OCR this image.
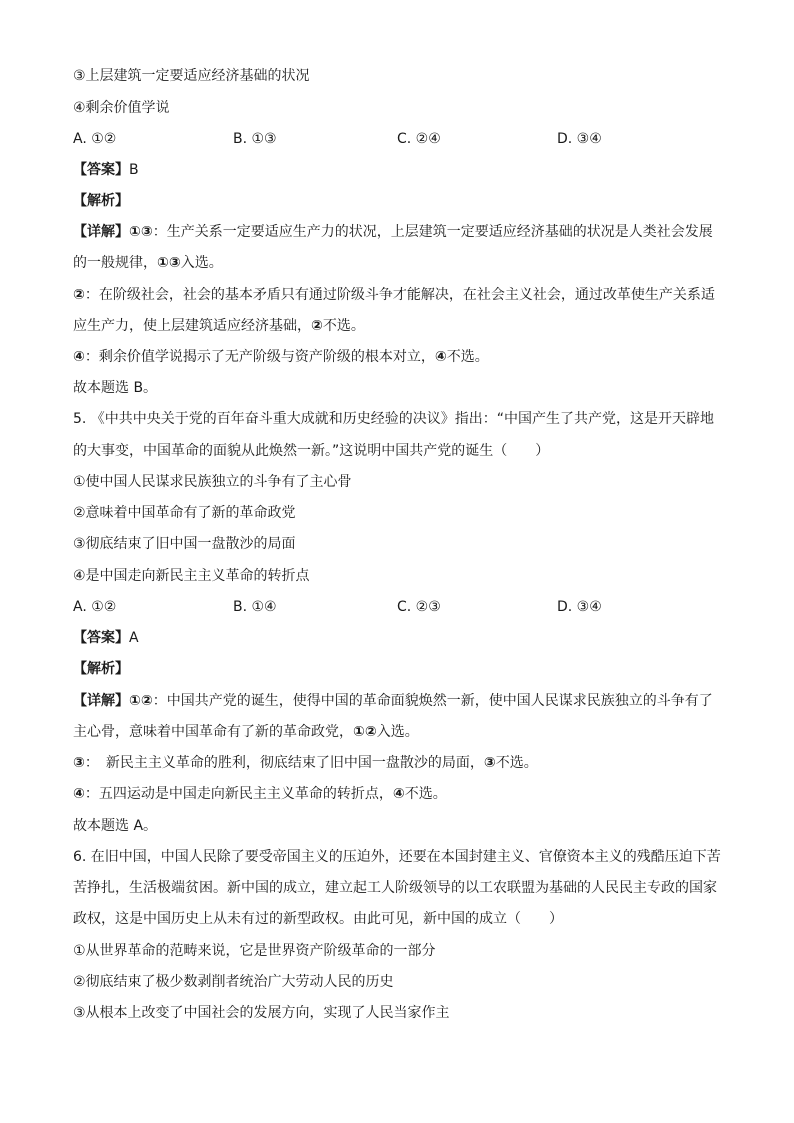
③上层建筑一定要适应经济基础的状况
④剩余价值学说
A. ①②	B. ①③	C. ②④	D. ③④
【答案】B
【解析】
【详解】①③：生产关系一定要适应生产力的状况，上层建筑一定要适应经济基础的状况是人类社会发展
的一般规律，①③入选。
②：在阶级社会，社会的基本矛盾只有通过阶级斗争才能解决，在社会主义社会，通过改革使生产关系适
应生产力，使上层建筑适应经济基础，②不选。
④：剩余价值学说揭示了无产阶级与资产阶级的根本对立，④不选。
故本题选 B。
5. 《中共中央关于党的百年奋斗重大成就和历史经验的决议》指出：“中国产生了共产党，这是开天辟地
的大事变，中国革命的面貌从此焕然一新。”这说明中国共产党的诞生（　　）
①使中国人民谋求民族独立的斗争有了主心骨
②意味着中国革命有了新的革命政党
③彻底结束了旧中国一盘散沙的局面
④是中国走向新民主主义革命的转折点
A. ①②	B. ①④	C. ②③	D. ③④
【答案】A
【解析】
【详解】①②：中国共产党的诞生，使得中国的革命面貌焕然一新，使中国人民谋求民族独立的斗争有了
主心骨，意味着中国革命有了新的革命政党，①②入选。
③：　新民主主义革命的胜利，彻底结束了旧中国一盘散沙的局面，③不选。
④：五四运动是中国走向新民主主义革命的转折点，④不选。
故本题选 A。
6. 在旧中国，中国人民除了要受帝国主义的压迫外，还要在本国封建主义、官僚资本主义的残酷压迫下苦
苦挣扎，生活极端贫困。新中国的成立，建立起工人阶级领导的以工农联盟为基础的人民民主专政的国家
政权，这是中国历史上从未有过的新型政权。由此可见，新中国的成立（　　）
①从世界革命的范畴来说，它是世界资产阶级革命的一部分
②彻底结束了极少数剥削者统治广大劳动人民的历史
③从根本上改变了中国社会的发展方向，实现了人民当家作主
